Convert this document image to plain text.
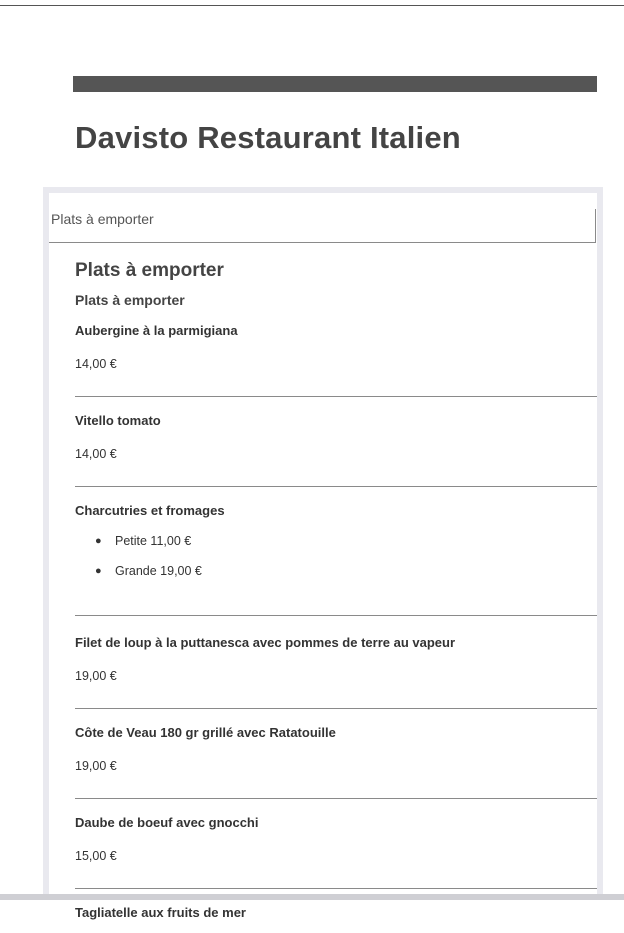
Davisto Restaurant Italien
Plats à emporter
Plats à emporter
Plats à emporter
Aubergine à la parmigiana
14,00 €
Vitello tomato
14,00 €
Charcutries et fromages
● Petite 11,00 €
● Grande 19,00 €
Filet de loup à la puttanesca avec pommes de terre au vapeur
19,00 €
Côte de Veau 180 gr grillé avec Ratatouille
19,00 €
Daube de boeuf avec gnocchi
15,00 €
Tagliatelle aux fruits de mer
